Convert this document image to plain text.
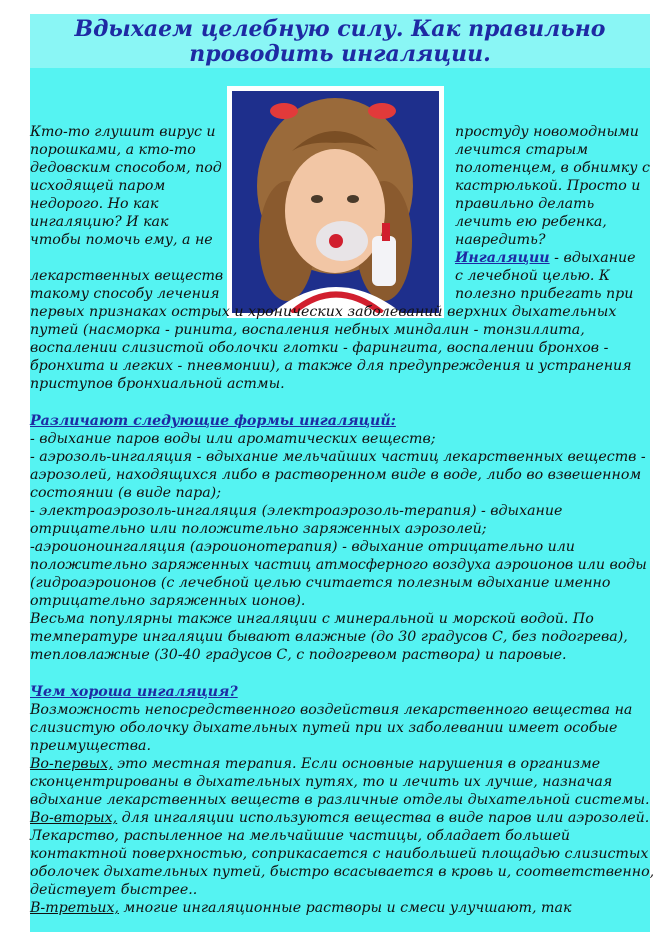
Вдыхаем целебную силу. Как правильно
проводить ингаляции.
Кто-то глушит вирус и
порошками, а кто-то
дедовским способом, под
исходящей паром
недорого. Но как
ингаляцию? И как
чтобы помочь ему, а не
лекарственных веществ
такому способу лечения
простуду новомодными
лечится старым
полотенцем, в обнимку с
кастрюлькой. Просто и
правильно делать
лечить ею ребенка,
навредить?
Ингаляции - вдыхание
с лечебной целью. К
полезно прибегать при
первых признаках острых и хронических заболеваний верхних дыхательных
путей (насморка - ринита, воспаления небных миндалин - тонзиллита,
воспалении слизистой оболочки глотки - фарингита, воспалении бронхов -
бронхита и легких - пневмонии), а также для предупреждения и устранения
приступов бронхиальной астмы.
Различают следующие формы ингаляций:
- вдыхание паров воды или ароматических веществ;
- аэрозоль-ингаляция - вдыхание мельчайших частиц лекарственных веществ -
аэрозолей, находящихся либо в растворенном виде в воде, либо во взвешенном
состоянии (в виде пара);
- электроаэрозоль-ингаляция (электроаэрозоль-терапия) - вдыхание
отрицательно или положительно заряженных аэрозолей;
-аэроионоингаляция (аэроионотерапия) - вдыхание отрицательно или
положительно заряженных частиц атмосферного воздуха аэроионов или воды
(гидроаэроионов (с лечебной целью считается полезным вдыхание именно
отрицательно заряженных ионов).
Весьма популярны также ингаляции с минеральной и морской водой. По
температуре ингаляции бывают влажные (до 30 градусов С, без подогрева),
тепловлажные (30-40 градусов С, с подогревом раствора) и паровые.
Чем хороша ингаляция?
Возможность непосредственного воздействия лекарственного вещества на
слизистую оболочку дыхательных путей при их заболевании имеет особые
преимущества.
Во-первых, это местная терапия. Если основные нарушения в организме
сконцентрированы в дыхательных путях, то и лечить их лучше, назначая
вдыхание лекарственных веществ в различные отделы дыхательной системы.
Во-вторых, для ингаляции используются вещества в виде паров или аэрозолей.
Лекарство, распыленное на мельчайшие частицы, обладает большей
контактной поверхностью, соприкасается с наибольшей площадью слизистых
оболочек дыхательных путей, быстро всасывается в кровь и, соответственно,
действует быстрее..
В-третьих, многие ингаляционные растворы и смеси улучшают, так
